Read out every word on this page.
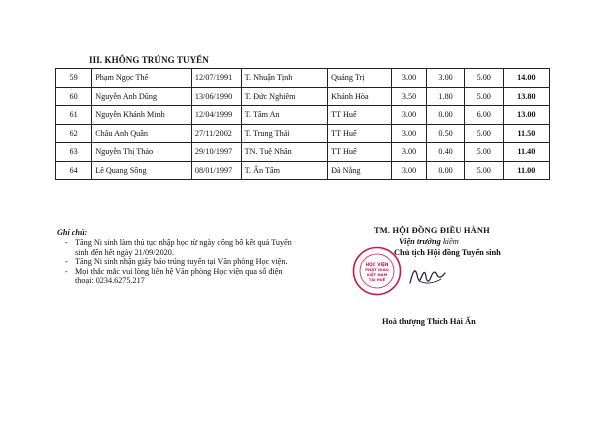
III. KHÔNG TRÚNG TUYỂN
59	Phạm Ngọc Thể	12/07/1991	T. Nhuận Tịnh	Quảng Trị	3.00	3.00	5.00	14.00
60	Nguyễn Anh Dũng	13/06/1990	T. Đức Nghiêm	Khánh Hòa	3.50	1.80	5.00	13.80
61	Nguyễn Khánh Minh	12/04/1999	T. Tâm An	TT Huế	3.00	0.00	6.00	13.00
62	Châu Anh Quân	27/11/2002	T. Trung Thái	TT Huế	3.00	0.50	5.00	11.50
63	Nguyễn Thị Thảo	29/10/1997	TN. Tuệ Nhân	TT Huế	3.00	0.40	5.00	11.40
64	Lê Quang Sông	08/01/1997	T. Ấn Tâm	Đà Nẵng	3.00	0.00	5.00	11.00
Ghi chú:
- Tăng Ni sinh làm thủ tục nhập học từ ngày công bố kết quả Tuyển sinh đến hết ngày 21/09/2020.
- Tăng Ni sinh nhận giấy báo trúng tuyển tại Văn phòng Học viện.
- Mọi thắc mắc vui lòng liên hệ Văn phòng Học viện qua số điện thoại: 0234.6275.217
TM. HỘI ĐỒNG ĐIỀU HÀNH
Viện trưởng kiêm
Chủ tịch Hội đồng Tuyển sinh
HỌC VIỆN
PHẬT GIÁO
VIỆT NAM
TẠI HUẾ
Hoà thượng Thích Hải Ấn
